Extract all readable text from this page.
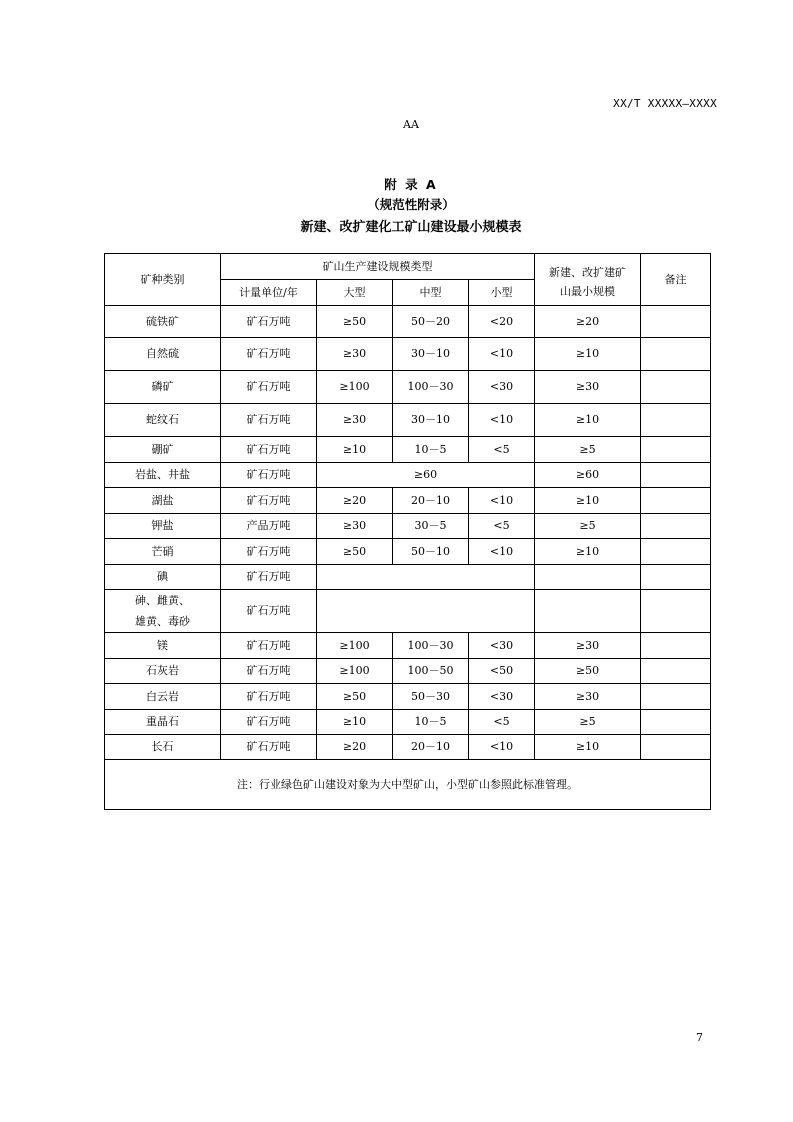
XX/T XXXXX—XXXX
AA
附 录 A
（规范性附录）
新建、改扩建化工矿山建设最小规模表
矿种类别	矿山生产建设规模类型				新建、改扩建矿山最小规模	备注
	计量单位/年	大型	中型	小型		
硫铁矿	矿石万吨	≥50	50－20	<20	≥20	
自然硫	矿石万吨	≥30	30－10	<10	≥10	
磷矿	矿石万吨	≥100	100－30	<30	≥30	
蛇纹石	矿石万吨	≥30	30－10	<10	≥10	
硼矿	矿石万吨	≥10	10－5	<5	≥5	
岩盐、井盐	矿石万吨	≥60			≥60	
湖盐	矿石万吨	≥20	20－10	<10	≥10	
钾盐	产品万吨	≥30	30－5	<5	≥5	
芒硝	矿石万吨	≥50	50－10	<10	≥10	
碘	矿石万吨					

砷、雌黄、
雄黄、毒砂	矿石万吨					
镁	矿石万吨	≥100	100－30	<30	≥30	
石灰岩	矿石万吨	≥100	100－50	<50	≥50	
白云岩	矿石万吨	≥50	50－30	<30	≥30	
重晶石	矿石万吨	≥10	10－5	<5	≥5	
长石	矿石万吨	≥20	20－10	<10	≥10	
注：行业绿色矿山建设对象为大中型矿山，小型矿山参照此标准管理。						
7
